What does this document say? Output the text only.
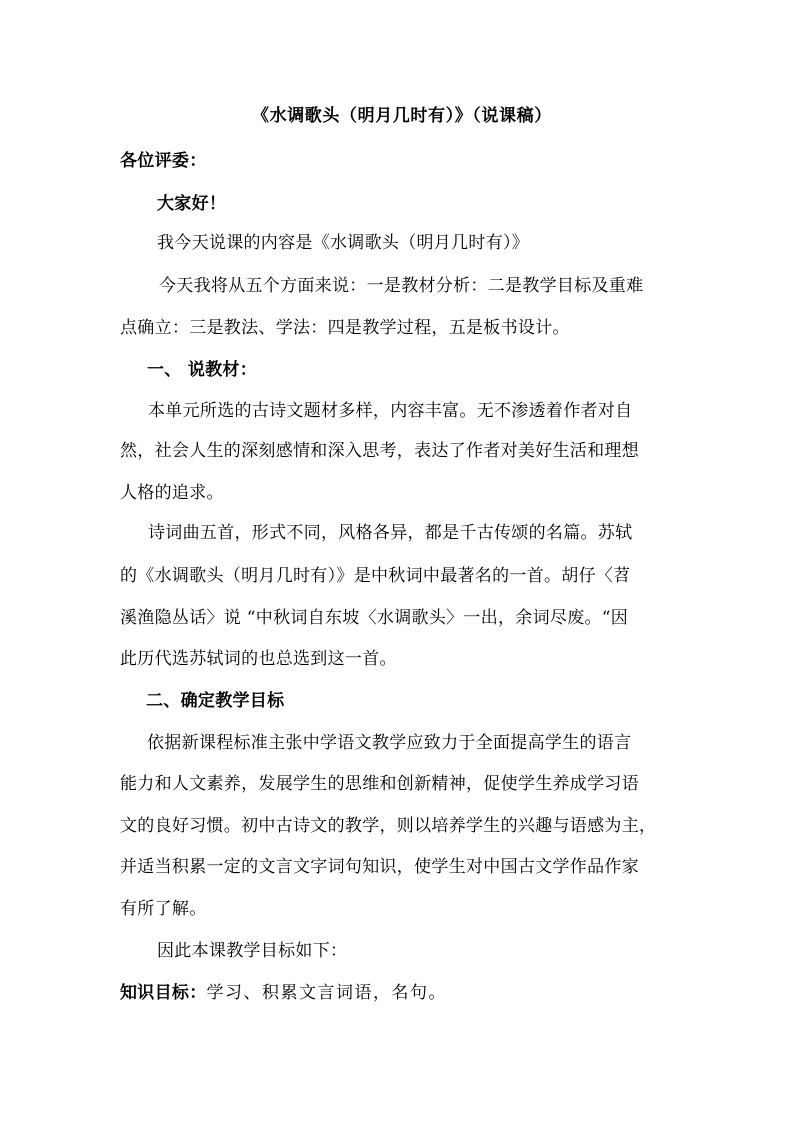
《水调歌头（明月几时有）》（说课稿）
各位评委：
大家好！
我今天说课的内容是《水调歌头（明月几时有）》
今天我将从五个方面来说：一是教材分析：二是教学目标及重难
点确立：三是教法、学法：四是教学过程，五是板书设计。
一、 说教材：
本单元所选的古诗文题材多样，内容丰富。无不渗透着作者对自
然，社会人生的深刻感情和深入思考，表达了作者对美好生活和理想
人格的追求。
诗词曲五首，形式不同，风格各异，都是千古传颂的名篇。苏轼
的《水调歌头（明月几时有）》是中秋词中最著名的一首。胡仔〈苕
溪渔隐丛话〉说 “中秋词自东坡〈水调歌头〉一出，余词尽废。“因
此历代选苏轼词的也总选到这一首。
二、确定教学目标
依据新课程标准主张中学语文教学应致力于全面提高学生的语言
能力和人文素养，发展学生的思维和创新精神，促使学生养成学习语
文的良好习惯。初中古诗文的教学，则以培养学生的兴趣与语感为主，
并适当积累一定的文言文字词句知识，使学生对中国古文学作品作家
有所了解。
因此本课教学目标如下：
知识目标：学习、积累文言词语，名句。
